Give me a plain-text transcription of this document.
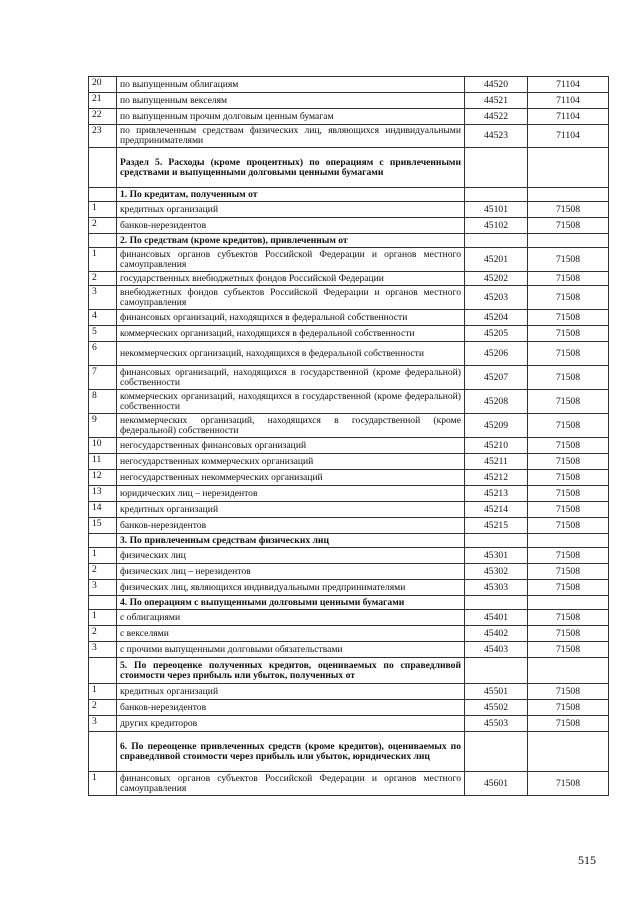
20	по выпущенным облигациям	44520	71104
21	по выпущенным векселям	44521	71104
22	по выпущенным прочим долговым ценным бумагам	44522	71104
23	по привлеченным средствам физических лиц, являющихся индивидуальными предпринимателями	44523	71104
	Раздел 5. Расходы (кроме процентных) по операциям с привлеченными средствами и выпущенными долговыми ценными бумагами		
	1. По кредитам, полученным от		
1	кредитных организаций	45101	71508
2	банков-нерезидентов	45102	71508
	2. По средствам (кроме кредитов), привлеченным от		
1	финансовых органов субъектов Российской Федерации и органов местного самоуправления	45201	71508
2	государственных внебюджетных фондов Российской Федерации	45202	71508
3	внебюджетных фондов субъектов Российской Федерации и органов местного самоуправления	45203	71508
4	финансовых организаций, находящихся в федеральной собственности	45204	71508
5	коммерческих организаций, находящихся в федеральной собственности	45205	71508
6	некоммерческих организаций, находящихся в федеральной собственности	45206	71508
7	финансовых организаций, находящихся в государственной (кроме федеральной) собственности	45207	71508
8	коммерческих организаций, находящихся в государственной (кроме федеральной) собственности	45208	71508
9	некоммерческих организаций, находящихся в государственной (кроме федеральной) собственности	45209	71508
10	негосударственных финансовых организаций	45210	71508
11	негосударственных коммерческих организаций	45211	71508
12	негосударственных некоммерческих организаций	45212	71508
13	юридических лиц – нерезидентов	45213	71508
14	кредитных организаций	45214	71508
15	банков-нерезидентов	45215	71508
	3. По привлеченным средствам физических лиц		
1	физических лиц	45301	71508
2	физических лиц – нерезидентов	45302	71508
3	физических лиц, являющихся индивидуальными предпринимателями	45303	71508
	4. По операциям с выпущенными долговыми ценными бумагами		
1	с облигациями	45401	71508
2	с векселями	45402	71508
3	с прочими выпущенными долговыми обязательствами	45403	71508
	5. По переоценке полученных кредитов, оцениваемых по справедливой стоимости через прибыль или убыток, полученных от		
1	кредитных организаций	45501	71508
2	банков-нерезидентов	45502	71508
3	других кредиторов	45503	71508
	6. По переоценке привлеченных средств (кроме кредитов), оцениваемых по справедливой стоимости через прибыль или убыток, юридических лиц		
1	финансовых органов субъектов Российской Федерации и органов местного самоуправления	45601	71508
515
